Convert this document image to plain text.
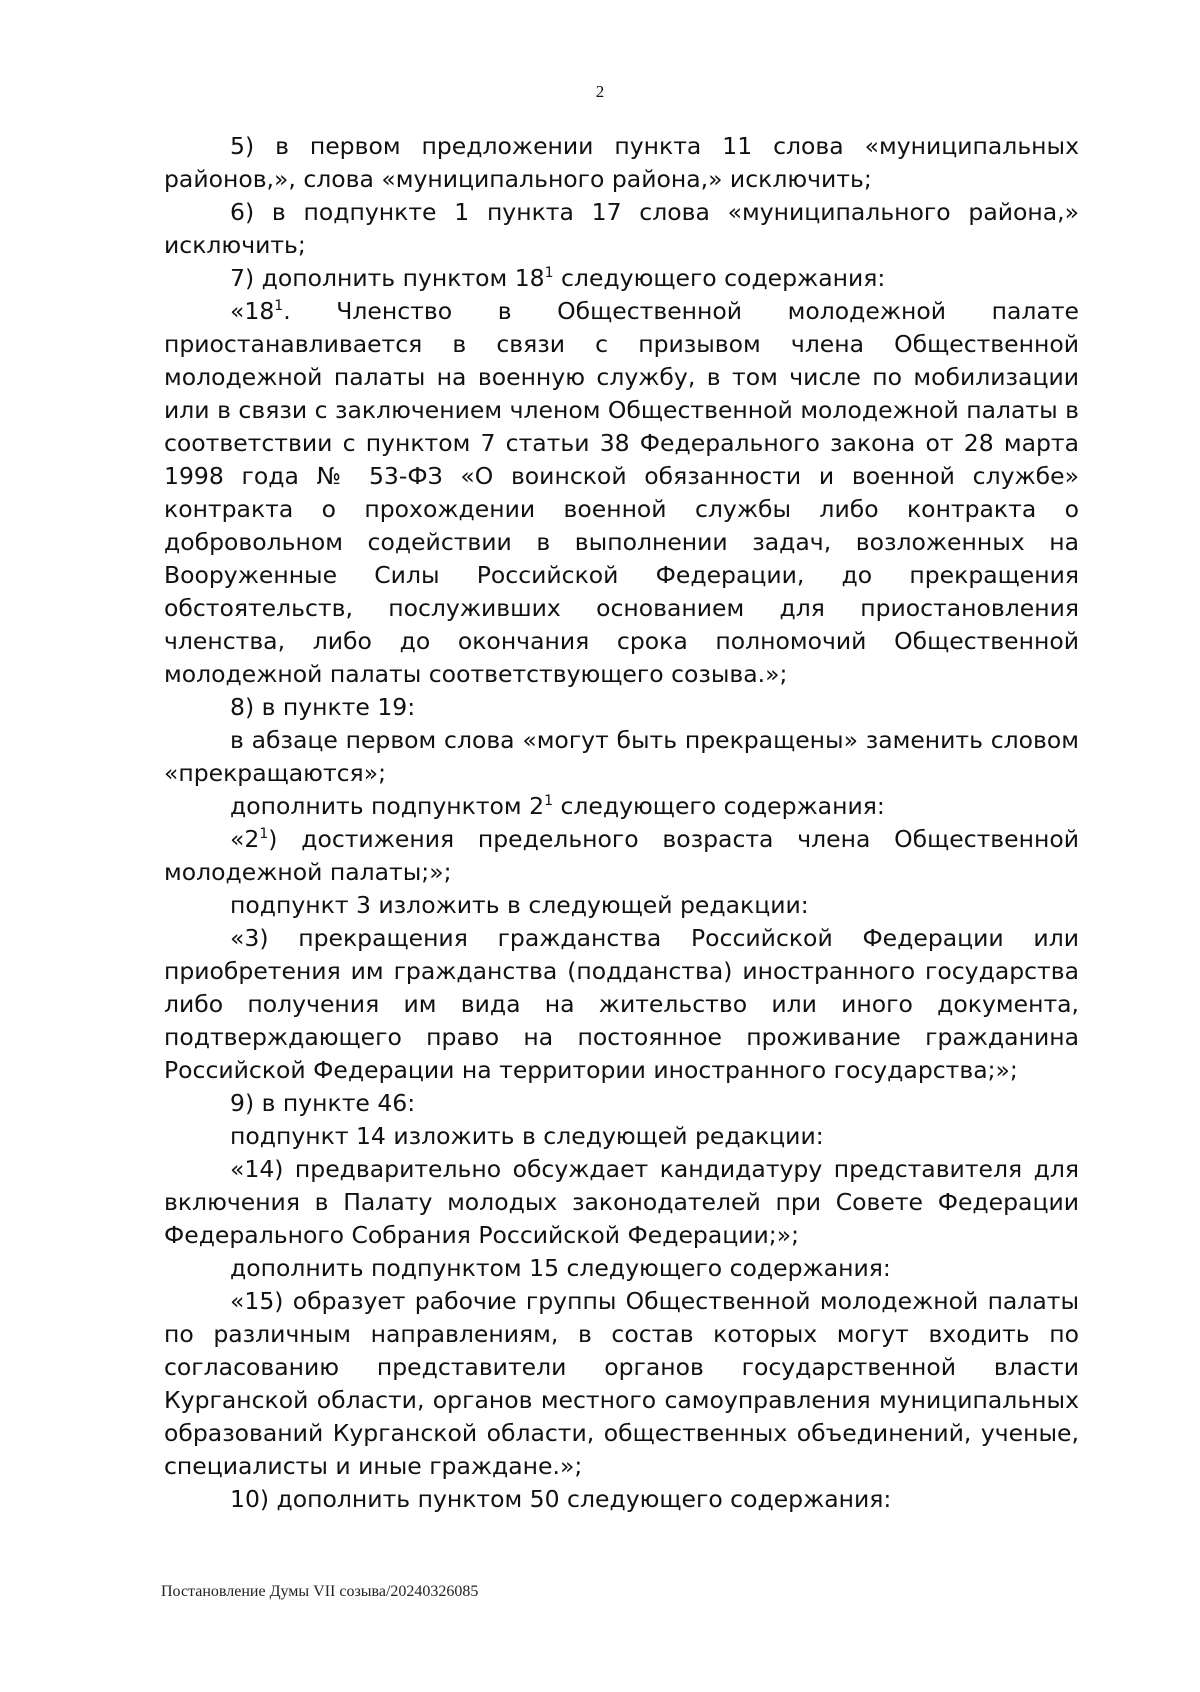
2

5) в первом предложении пункта 11 слова «муниципальных районов,», слова «муниципального района,» исключить;

6) в подпункте 1 пункта 17 слова «муниципального района,» исключить;

7) дополнить пунктом $18^1$ следующего содержания:

«$18^1$. Членство в Общественной молодежной палате приостанавливается в связи с призывом члена Общественной молодежной палаты на военную службу, в том числе по мобилизации или в связи с заключением членом Общественной молодежной палаты в соответствии с пунктом 7 статьи 38 Федерального закона от 28 марта 1998 года № 53-ФЗ «О воинской обязанности и военной службе» контракта о прохождении военной службы либо контракта о добровольном содействии в выполнении задач, возложенных на Вооруженные Силы Российской Федерации, до прекращения обстоятельств, послуживших основанием для приостановления членства, либо до окончания срока полномочий Общественной молодежной палаты соответствующего созыва.»;

8) в пункте 19:

в абзаце первом слова «могут быть прекращены» заменить словом «прекращаются»;

дополнить подпунктом $2^1$ следующего содержания:

«$2^1$) достижения предельного возраста члена Общественной молодежной палаты;»;

подпункт 3 изложить в следующей редакции:

«3) прекращения гражданства Российской Федерации или приобретения им гражданства (подданства) иностранного государства либо получения им вида на жительство или иного документа, подтверждающего право на постоянное проживание гражданина Российской Федерации на территории иностранного государства;»;

9) в пункте 46:

подпункт 14 изложить в следующей редакции:

«14) предварительно обсуждает кандидатуру представителя для включения в Палату молодых законодателей при Совете Федерации Федерального Собрания Российской Федерации;»;

дополнить подпунктом 15 следующего содержания:

«15) образует рабочие группы Общественной молодежной палаты по различным направлениям, в состав которых могут входить по согласованию представители органов государственной власти Курганской области, органов местного самоуправления муниципальных образований Курганской области, общественных объединений, ученые, специалисты и иные граждане.»;

10) дополнить пунктом 50 следующего содержания:

Постановление Думы VII созыва/20240326085
